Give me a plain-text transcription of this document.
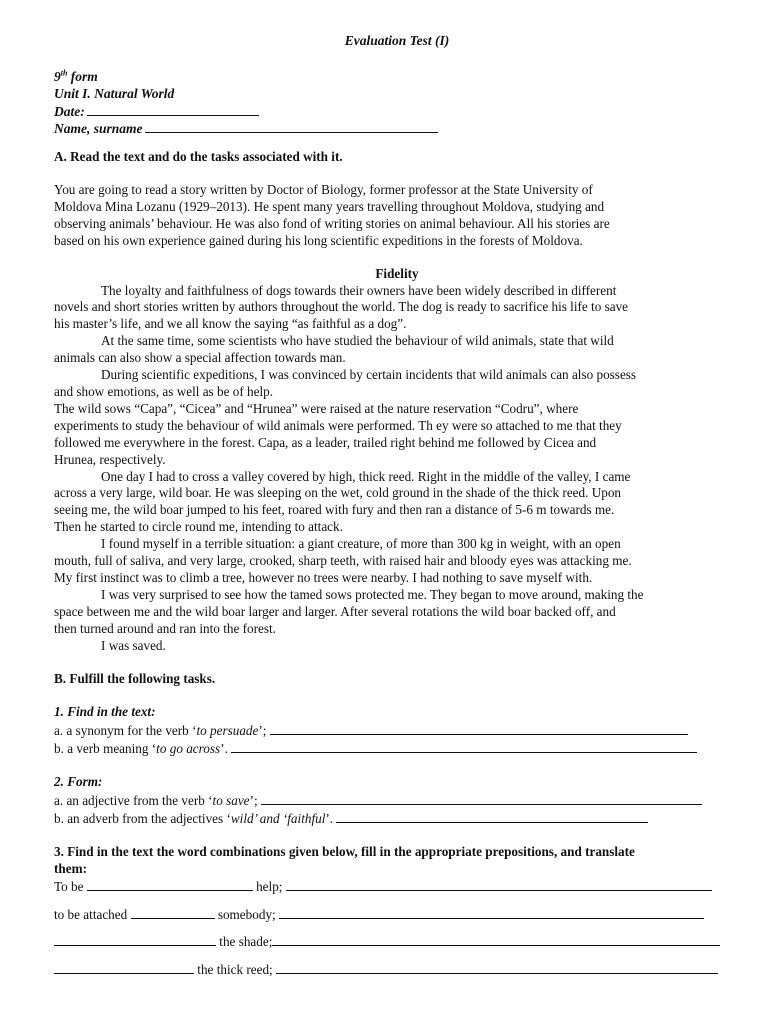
Evaluation Test (I)
9th form
Unit I. Natural World
Date:
Name, surname
A. Read the text and do the tasks associated with it.

You are going to read a story written by Doctor of Biology, former professor at the State University of

Moldova Mina Lozanu (1929–2013). He spent many years travelling throughout Moldova, studying and

observing animals’ behaviour. He was also fond of writing stories on animal behaviour. All his stories are

based on his own experience gained during his long scientific expeditions in the forests of Moldova.

Fidelity

The loyalty and faithfulness of dogs towards their owners have been widely described in different

novels and short stories written by authors throughout the world. The dog is ready to sacrifice his life to save

his master’s life, and we all know the saying “as faithful as a dog”.

At the same time, some scientists who have studied the behaviour of wild animals, state that wild

animals can also show a special affection towards man.

During scientific expeditions, I was convinced by certain incidents that wild animals can also possess

and show emotions, as well as be of help.

The wild sows “Capa”, “Cicea” and “Hrunea” were raised at the nature reservation “Codru”, where

experiments to study the behaviour of wild animals were performed. Th ey were so attached to me that they

followed me everywhere in the forest. Capa, as a leader, trailed right behind me followed by Cicea and

Hrunea, respectively.

One day I had to cross a valley covered by high, thick reed. Right in the middle of the valley, I came

across a very large, wild boar. He was sleeping on the wet, cold ground in the shade of the thick reed. Upon

seeing me, the wild boar jumped to his feet, roared with fury and then ran a distance of 5-6 m towards me.

Then he started to circle round me, intending to attack.

I found myself in a terrible situation: a giant creature, of more than 300 kg in weight, with an open

mouth, full of saliva, and very large, crooked, sharp teeth, with raised hair and bloody eyes was attacking me.

My first instinct was to climb a tree, however no trees were nearby. I had nothing to save myself with.

I was very surprised to see how the tamed sows protected me. They began to move around, making the

space between me and the wild boar larger and larger. After several rotations the wild boar backed off, and

then turned around and ran into the forest.

I was saved.

B. Fulfill the following tasks.
1. Find in the text:

a. a synonym for the verb ‘to persuade’;

b. a verb meaning ‘to go across’.

2. Form:

a. an adjective from the verb ‘to save’;

b. an adverb from the adjectives ‘wild’ and ‘faithful’.

3. Find in the text the word combinations given below, fill in the appropriate prepositions, and translate
them:

To be	help;

to be attached	somebody;

the shade;

the thick reed;
